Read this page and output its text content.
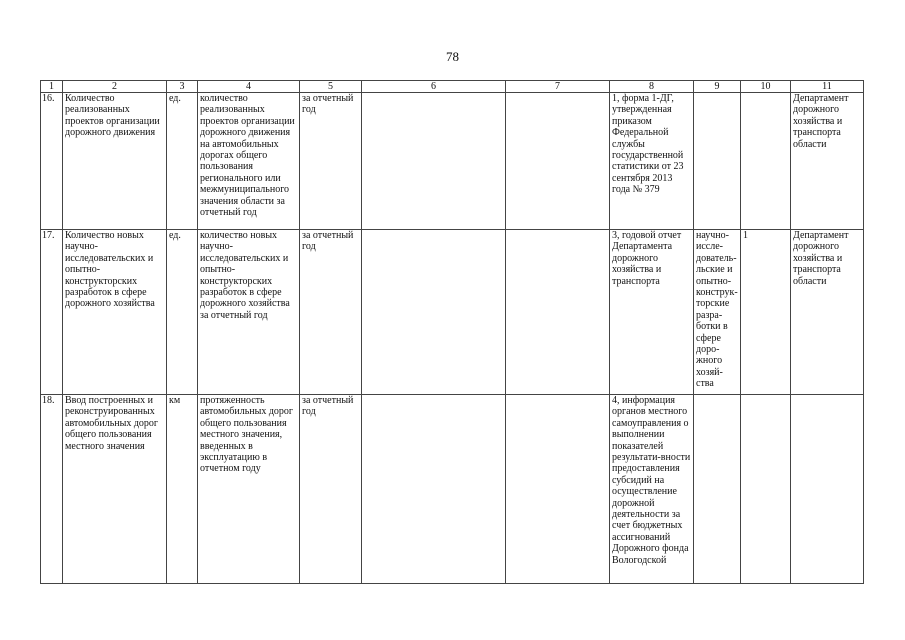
78
1	2	3	4	5	6	7	8	9	10	11
16.	Количество реализованных проектов организации дорожного движения	ед.	количество реализованных проектов организации дорожного движения на автомобильных дорогах общего пользования регионального или межмуниципального значения области за отчетный год	за отчетный год			1, форма 1-ДГ, утвержденная приказом Федеральной службы государственной статистики от 23 сентября 2013 года № 379			Департамент дорожного хозяйства и транспорта области
17.	Количество новых научно-исследовательских и опытно-конструкторских разработок в сфере дорожного хозяйства	ед.	количество новых научно-исследовательских и опытно-конструкторских разработок в сфере дорожного хозяйства за отчетный год	за отчетный год			3, годовой отчет Департамента дорожного хозяйства и транспорта	научно-иссле-дователь-льские и опытно-конструк-торские разра-ботки в сфере доро-жного хозяй-ства	1	Департамент дорожного хозяйства и транспорта области
18.	Ввод построенных и реконструированных автомобильных дорог общего пользования местного значения	км	протяженность автомобильных дорог общего пользования местного значения, введенных в эксплуатацию в отчетном году	за отчетный год			4, информация органов местного самоуправления о выполнении показателей результати-вности предоставления субсидий на осуществление дорожной деятельности за счет бюджетных ассигнований Дорожного фонда Вологодской			
